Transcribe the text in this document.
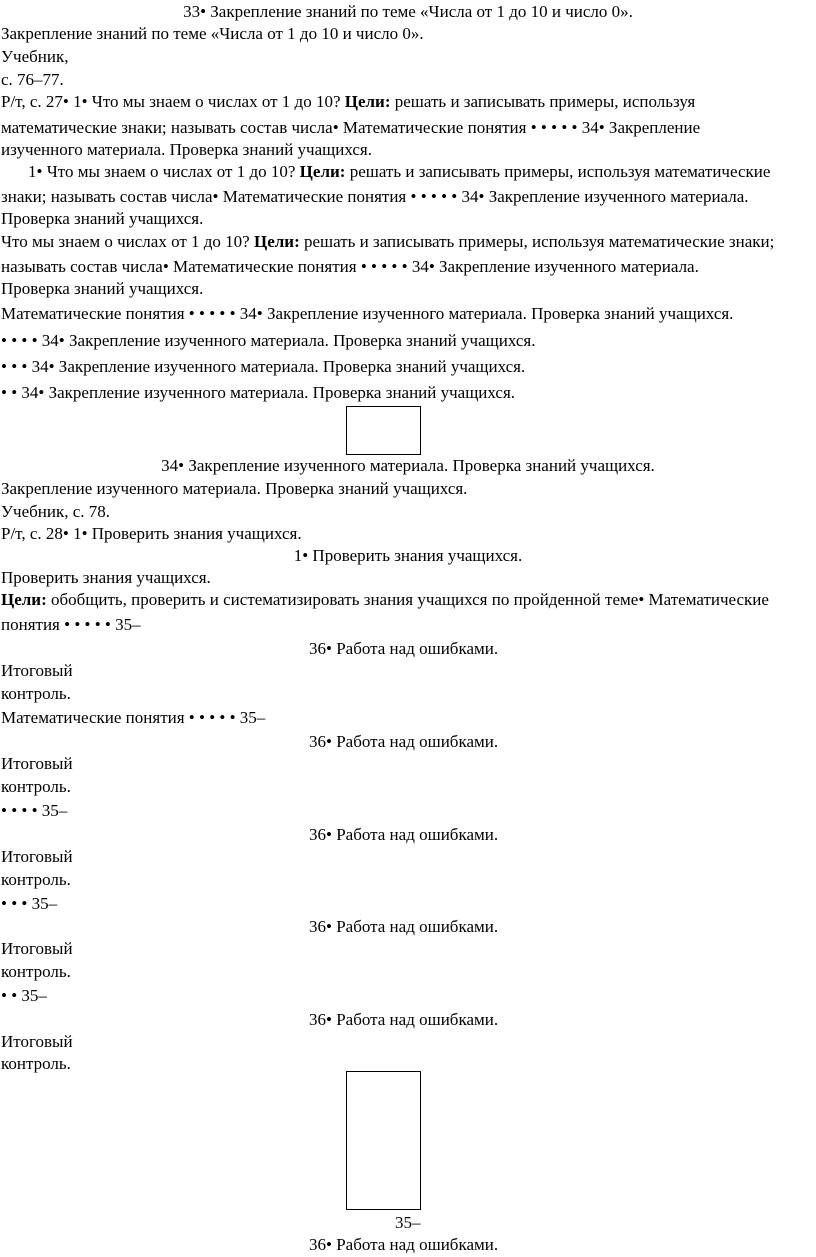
33• Закрепление знаний по теме «Числа от 1 до 10 и число 0».
Закрепление знаний по теме «Числа от 1 до 10 и число 0».
Учебник,
с. 76–77.
Р/т, с. 27• 1• Что мы знаем о числах от 1 до 10? Цели: решать и записывать примеры, используя
математические знаки; называть состав числа• Математические понятия • • • • • 34• Закрепление
изученного материала. Проверка знаний учащихся.
1• Что мы знаем о числах от 1 до 10? Цели: решать и записывать примеры, используя математические
знаки; называть состав числа• Математические понятия • • • • • 34• Закрепление изученного материала.
Проверка знаний учащихся.
Что мы знаем о числах от 1 до 10? Цели: решать и записывать примеры, используя математические знаки;
называть состав числа• Математические понятия • • • • • 34• Закрепление изученного материала.
Проверка знаний учащихся.
Математические понятия • • • • • 34• Закрепление изученного материала. Проверка знаний учащихся.
• • • • 34• Закрепление изученного материала. Проверка знаний учащихся.
• • • 34• Закрепление изученного материала. Проверка знаний учащихся.
• • 34• Закрепление изученного материала. Проверка знаний учащихся.
34• Закрепление изученного материала. Проверка знаний учащихся.
Закрепление изученного материала. Проверка знаний учащихся.
Учебник, с. 78.
Р/т, с. 28• 1• Проверить знания учащихся.
1• Проверить знания учащихся.
Проверить знания учащихся.
Цели: обобщить, проверить и систематизировать знания учащихся по пройденной теме• Математические
понятия • • • • • 35–
36• Работа над ошибками.
Итоговый
контроль.
Математические понятия • • • • • 35–
36• Работа над ошибками.
Итоговый
контроль.
• • • • 35–
36• Работа над ошибками.
Итоговый
контроль.
• • • 35–
36• Работа над ошибками.
Итоговый
контроль.
• • 35–
36• Работа над ошибками.
Итоговый
контроль.
35–
36• Работа над ошибками.
